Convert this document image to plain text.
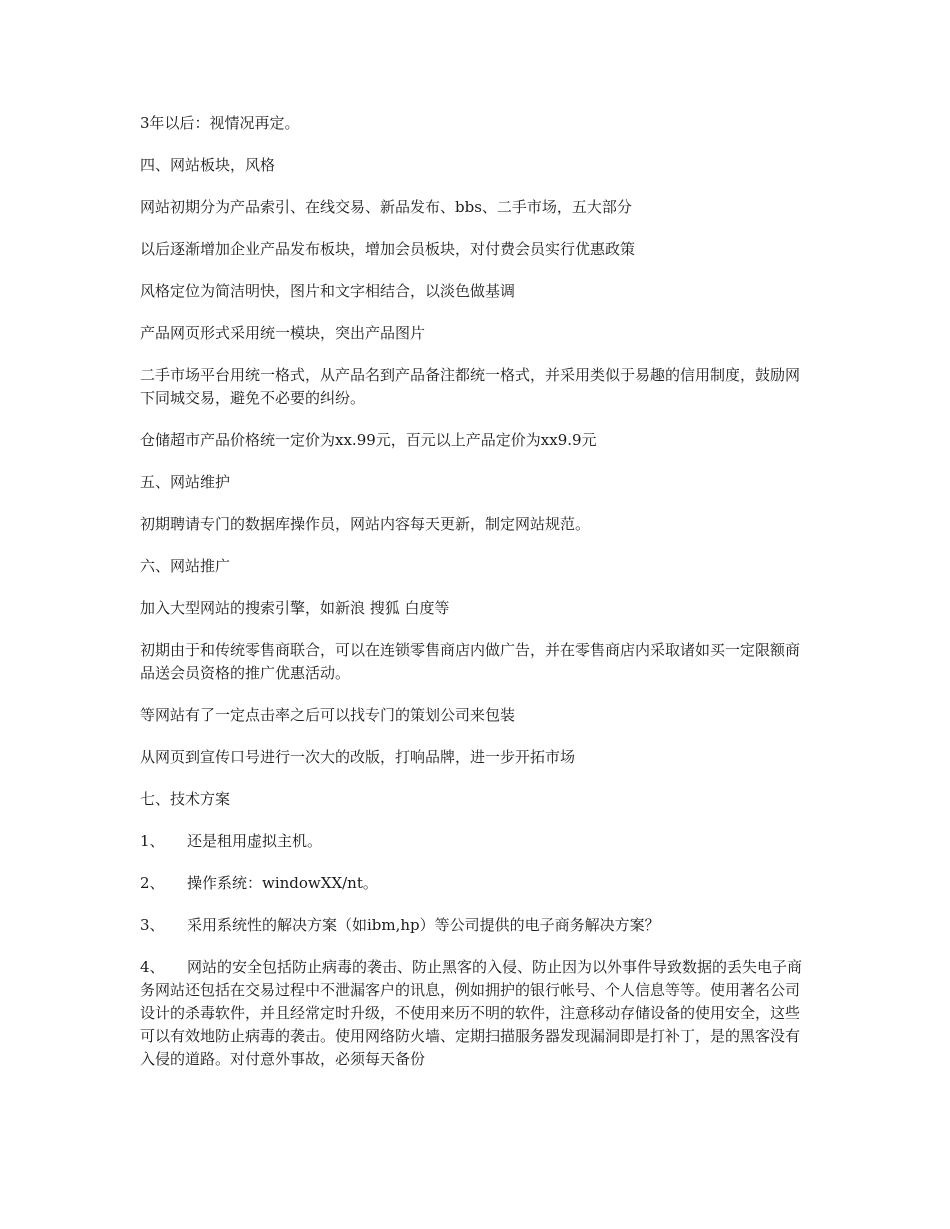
3年以后：视情况再定。

四、网站板块，风格

网站初期分为产品索引、在线交易、新品发布、bbs、二手市场，五大部分

以后逐渐增加企业产品发布板块，增加会员板块，对付费会员实行优惠政策

风格定位为简洁明快，图片和文字相结合，以淡色做基调

产品网页形式采用统一模块，突出产品图片

二手市场平台用统一格式，从产品名到产品备注都统一格式，并采用类似于易趣的信用制度，鼓励网下同城交易，避免不必要的纠纷。

仓储超市产品价格统一定价为xx.99元，百元以上产品定价为xx9.9元

五、网站维护

初期聘请专门的数据库操作员，网站内容每天更新，制定网站规范。

六、网站推广

加入大型网站的搜索引擎，如新浪 搜狐 白度等

初期由于和传统零售商联合，可以在连锁零售商店内做广告，并在零售商店内采取诸如买一定限额商品送会员资格的推广优惠活动。

等网站有了一定点击率之后可以找专门的策划公司来包装

从网页到宣传口号进行一次大的改版，打响品牌，进一步开拓市场

七、技术方案

1、 还是租用虚拟主机。

2、 操作系统：windowXX/nt。

3、 采用系统性的解决方案（如ibm,hp）等公司提供的电子商务解决方案？

4、 网站的安全包括防止病毒的袭击、防止黑客的入侵、防止因为以外事件导致数据的丢失电子商务网站还包括在交易过程中不泄漏客户的讯息，例如拥护的银行帐号、个人信息等等。使用著名公司设计的杀毒软件，并且经常定时升级，不使用来历不明的软件，注意移动存储设备的使用安全，这些可以有效地防止病毒的袭击。使用网络防火墙、定期扫描服务器发现漏洞即是打补丁，是的黑客没有入侵的道路。对付意外事故，必须每天备份
